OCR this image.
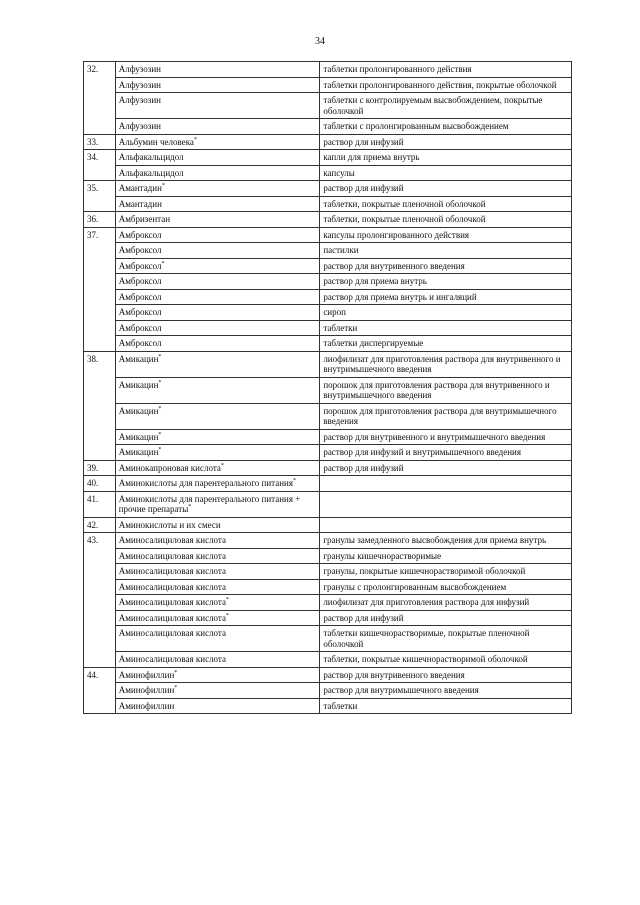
34
32.	Алфузозин	таблетки пролонгированного действия
	Алфузозин	таблетки пролонгированного действия, покрытые оболочкой
	Алфузозин	таблетки с контролируемым высвобождением, покрытые оболочкой
	Алфузозин	таблетки с пролонгированным высвобождением
33.	Альбумин человека*	раствор для инфузий
34.	Альфакальцидол	капли для приема внутрь
	Альфакальцидол	капсулы
35.	Амантадин*	раствор для инфузий
	Амантадин	таблетки, покрытые пленочной оболочкой
36.	Амбризентан	таблетки, покрытые пленочной оболочкой
37.	Амброксол	капсулы пролонгированного действия
	Амброксол	пастилки
	Амброксол*	раствор для внутривенного введения
	Амброксол	раствор для приема внутрь
	Амброксол	раствор для приема внутрь и ингаляций
	Амброксол	сироп
	Амброксол	таблетки
	Амброксол	таблетки диспергируемые
38.	Амикацин*	лиофилизат для приготовления раствора для внутривенного и внутримышечного введения
	Амикацин*	порошок для приготовления раствора для внутривенного и внутримышечного введения
	Амикацин*	порошок для приготовления раствора для внутримышечного введения
	Амикацин*	раствор для внутривенного и внутримышечного введения
	Амикацин*	раствор для инфузий и внутримышечного введения
39.	Аминокапроновая кислота*	раствор для инфузий
40.	Аминокислоты для парентерального питания*	
41.	Аминокислоты для парентерального питания + прочие препараты*	
42.	Аминокислоты и их смеси	
43.	Аминосалициловая кислота	гранулы замедленного высвобождения для приема внутрь
	Аминосалициловая кислота	гранулы кишечнорастворимые
	Аминосалициловая кислота	гранулы, покрытые кишечнорастворимой оболочкой
	Аминосалициловая кислота	гранулы с пролонгированным высвобождением
	Аминосалициловая кислота*	лиофилизат для приготовления раствора для инфузий
	Аминосалициловая кислота*	раствор для инфузий
	Аминосалициловая кислота	таблетки кишечнорастворимые, покрытые пленочной оболочкой
	Аминосалициловая кислота	таблетки, покрытые кишечнорастворимой оболочкой
44.	Аминофиллин*	раствор для внутривенного введения
	Аминофиллин*	раствор для внутримышечного введения
	Аминофиллин	таблетки
